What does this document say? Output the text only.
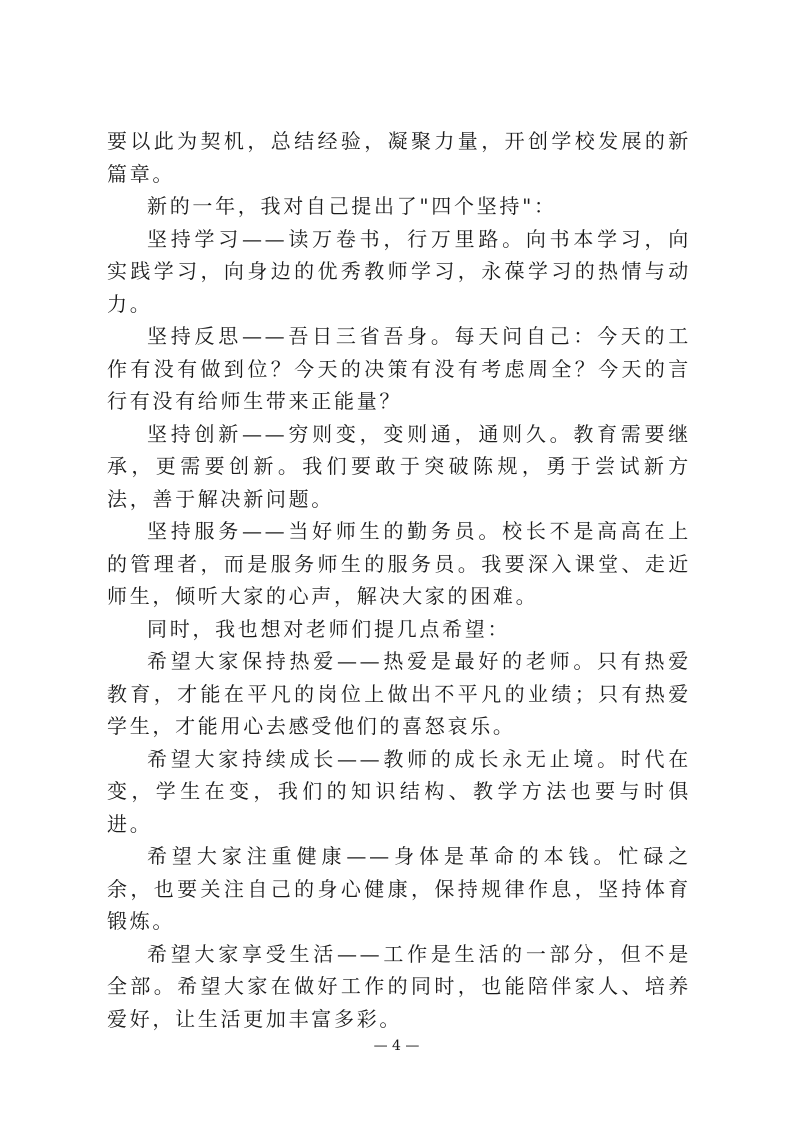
要以此为契机，总结经验，凝聚力量，开创学校发展的新篇章。

新的一年，我对自己提出了"四个坚持"：

坚持学习——读万卷书，行万里路。向书本学习，向实践学习，向身边的优秀教师学习，永葆学习的热情与动力。

坚持反思——吾日三省吾身。每天问自己：今天的工作有没有做到位？今天的决策有没有考虑周全？今天的言行有没有给师生带来正能量？

坚持创新——穷则变，变则通，通则久。教育需要继承，更需要创新。我们要敢于突破陈规，勇于尝试新方法，善于解决新问题。

坚持服务——当好师生的勤务员。校长不是高高在上的管理者，而是服务师生的服务员。我要深入课堂、走近师生，倾听大家的心声，解决大家的困难。

同时，我也想对老师们提几点希望：

希望大家保持热爱——热爱是最好的老师。只有热爱教育，才能在平凡的岗位上做出不平凡的业绩；只有热爱学生，才能用心去感受他们的喜怒哀乐。

希望大家持续成长——教师的成长永无止境。时代在变，学生在变，我们的知识结构、教学方法也要与时俱进。

希望大家注重健康——身体是革命的本钱。忙碌之余，也要关注自己的身心健康，保持规律作息，坚持体育锻炼。

希望大家享受生活——工作是生活的一部分，但不是全部。希望大家在做好工作的同时，也能陪伴家人、培养爱好，让生活更加丰富多彩。

— 4 —
